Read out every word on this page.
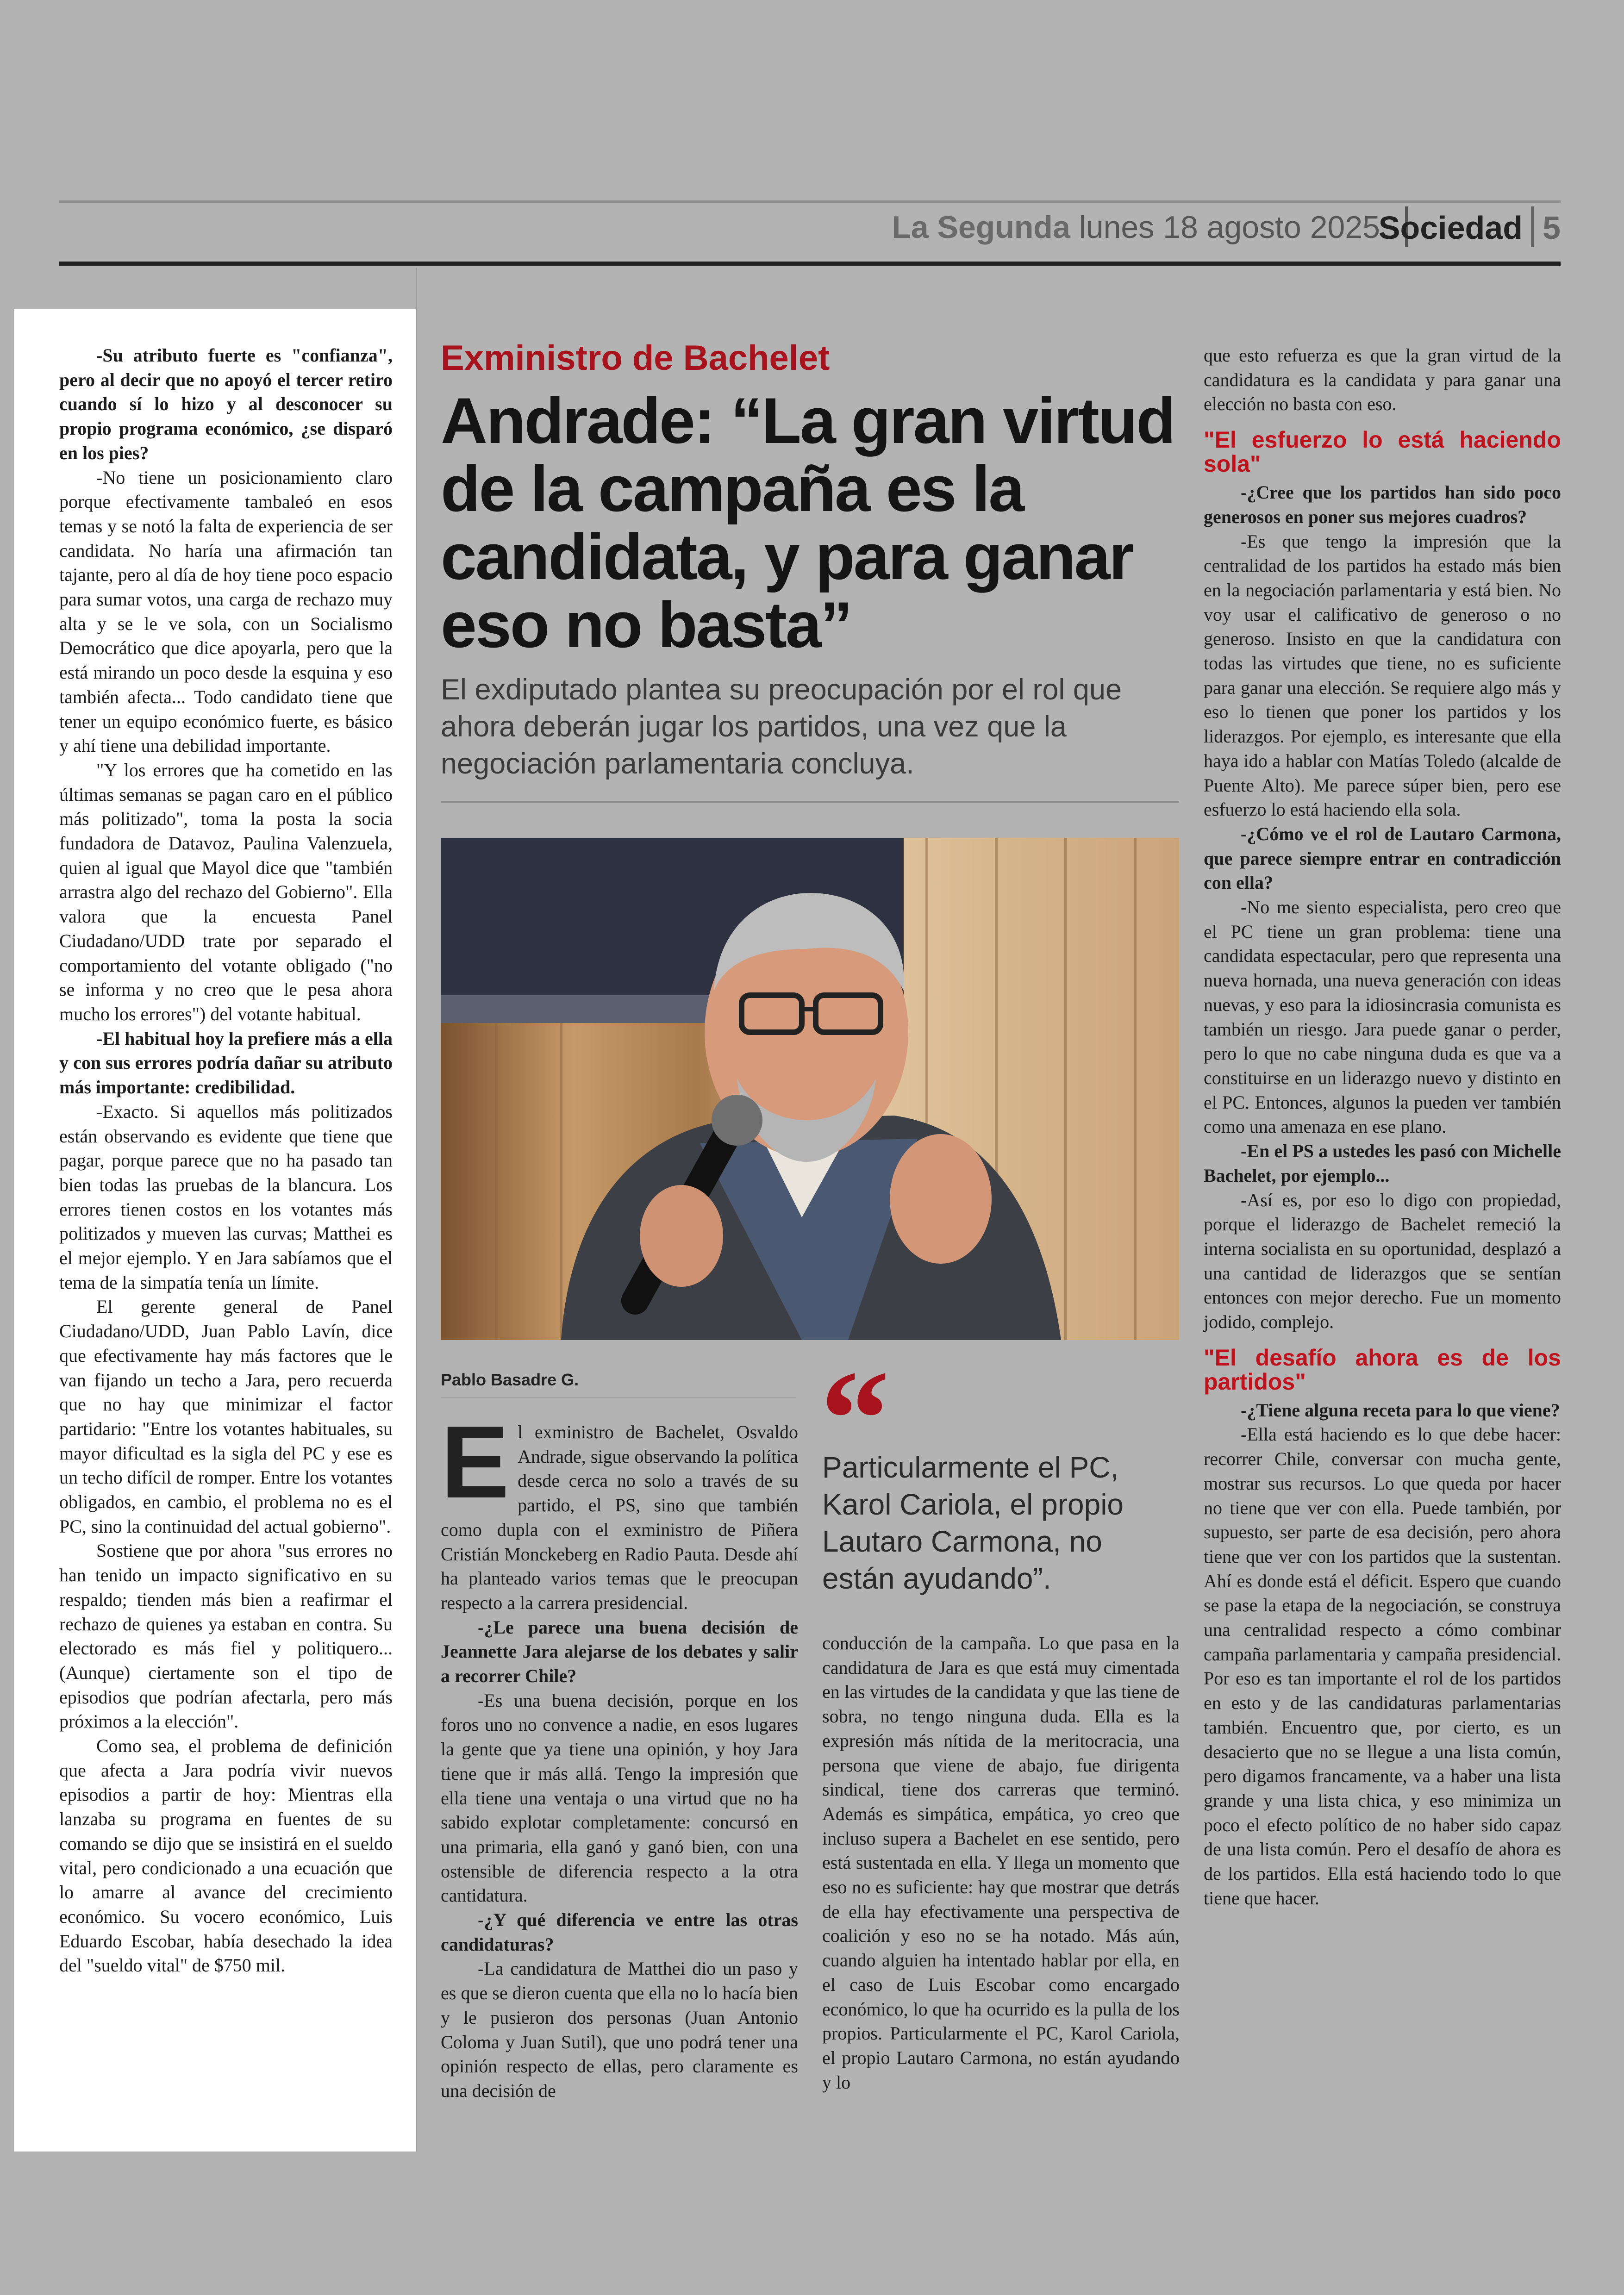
La Segunda lunes 18 agosto 2025
Sociedad 5

-Su atributo fuerte es "confianza", pero al decir que no apoyó el tercer retiro cuando sí lo hizo y al desconocer su propio programa económico, ¿se disparó en los pies?

-No tiene un posicionamiento claro porque efectivamente tambaleó en esos temas y se notó la falta de experiencia de ser candidata. No haría una afirmación tan tajante, pero al día de hoy tiene poco espacio para sumar votos, una carga de rechazo muy alta y se le ve sola, con un Socialismo Democrático que dice apoyarla, pero que la está mirando un poco desde la esquina y eso también afecta... Todo candidato tiene que tener un equipo económico fuerte, es básico y ahí tiene una debilidad importante.

"Y los errores que ha cometido en las últimas semanas se pagan caro en el público más politizado", toma la posta la socia fundadora de Datavoz, Paulina Valenzuela, quien al igual que Mayol dice que "también arrastra algo del rechazo del Gobierno". Ella valora que la encuesta Panel Ciudadano/UDD trate por separado el comportamiento del votante obligado ("no se informa y no creo que le pesa ahora mucho los errores") del votante habitual.

-El habitual hoy la prefiere más a ella y con sus errores podría dañar su atributo más importante: credibilidad.

-Exacto. Si aquellos más politizados están observando es evidente que tiene que pagar, porque parece que no ha pasado tan bien todas las pruebas de la blancura. Los errores tienen costos en los votantes más politizados y mueven las curvas; Matthei es el mejor ejemplo. Y en Jara sabíamos que el tema de la simpatía tenía un límite.

El gerente general de Panel Ciudadano/UDD, Juan Pablo Lavín, dice que efectivamente hay más factores que le van fijando un techo a Jara, pero recuerda que no hay que minimizar el factor partidario: "Entre los votantes habituales, su mayor dificultad es la sigla del PC y ese es un techo difícil de romper. Entre los votantes obligados, en cambio, el problema no es el PC, sino la continuidad del actual gobierno".

Sostiene que por ahora "sus errores no han tenido un impacto significativo en su respaldo; tienden más bien a reafirmar el rechazo de quienes ya estaban en contra. Su electorado es más fiel y politiquero... (Aunque) ciertamente son el tipo de episodios que podrían afectarla, pero más próximos a la elección".

Como sea, el problema de definición que afecta a Jara podría vivir nuevos episodios a partir de hoy: Mientras ella lanzaba su programa en fuentes de su comando se dijo que se insistirá en el sueldo vital, pero condicionado a una ecuación que lo amarre al avance del crecimiento económico. Su vocero económico, Luis Eduardo Escobar, había desechado la idea del "sueldo vital" de $750 mil.

Exministro de Bachelet
Andrade: “La gran virtud de la campaña es la candidata, y para ganar eso no basta”

El exdiputado plantea su preocupación por el rol que ahora deberán jugar los partidos, una vez que la negociación parlamentaria concluya.

Pablo Basadre G.

El exministro de Bachelet, Osvaldo Andrade, sigue observando la política desde cerca no solo a través de su partido, el PS, sino que también como dupla con el exministro de Piñera Cristián Monckeberg en Radio Pauta. Desde ahí ha planteado varios temas que le preocupan respecto a la carrera presidencial.

-¿Le parece una buena decisión de Jeannette Jara alejarse de los debates y salir a recorrer Chile?

-Es una buena decisión, porque en los foros uno no convence a nadie, en esos lugares la gente que ya tiene una opinión, y hoy Jara tiene que ir más allá. Tengo la impresión que ella tiene una ventaja o una virtud que no ha sabido explotar completamente: concursó en una primaria, ella ganó y ganó bien, con una ostensible de diferencia respecto a la otra cantidatura.

-¿Y qué diferencia ve entre las otras candidaturas?

-La candidatura de Matthei dio un paso y es que se dieron cuenta que ella no lo hacía bien y le pusieron dos personas (Juan Antonio Coloma y Juan Sutil), que uno podrá tener una opinión respecto de ellas, pero claramente es una decisión de

“

Particularmente el PC, Karol Cariola, el propio Lautaro Carmona, no están ayudando”.

conducción de la campaña. Lo que pasa en la candidatura de Jara es que está muy cimentada en las virtudes de la candidata y que las tiene de sobra, no tengo ninguna duda. Ella es la expresión más nítida de la meritocracia, una persona que viene de abajo, fue dirigenta sindical, tiene dos carreras que terminó. Además es simpática, empática, yo creo que incluso supera a Bachelet en ese sentido, pero está sustentada en ella. Y llega un momento que eso no es suficiente: hay que mostrar que detrás de ella hay efectivamente una perspectiva de coalición y eso no se ha notado. Más aún, cuando alguien ha intentado hablar por ella, en el caso de Luis Escobar como encargado económico, lo que ha ocurrido es la pulla de los propios. Particularmente el PC, Karol Cariola, el propio Lautaro Carmona, no están ayudando y lo

que esto refuerza es que la gran virtud de la candidatura es la candidata y para ganar una elección no basta con eso.

"El esfuerzo lo está haciendo sola"

-¿Cree que los partidos han sido poco generosos en poner sus mejores cuadros?

-Es que tengo la impresión que la centralidad de los partidos ha estado más bien en la negociación parlamentaria y está bien. No voy usar el calificativo de generoso o no generoso. Insisto en que la candidatura con todas las virtudes que tiene, no es suficiente para ganar una elección. Se requiere algo más y eso lo tienen que poner los partidos y los liderazgos. Por ejemplo, es interesante que ella haya ido a hablar con Matías Toledo (alcalde de Puente Alto). Me parece súper bien, pero ese esfuerzo lo está haciendo ella sola.

-¿Cómo ve el rol de Lautaro Carmona, que parece siempre entrar en contradicción con ella?

-No me siento especialista, pero creo que el PC tiene un gran problema: tiene una candidata espectacular, pero que representa una nueva hornada, una nueva generación con ideas nuevas, y eso para la idiosincrasia comunista es también un riesgo. Jara puede ganar o perder, pero lo que no cabe ninguna duda es que va a constituirse en un liderazgo nuevo y distinto en el PC. Entonces, algunos la pueden ver también como una amenaza en ese plano.

-En el PS a ustedes les pasó con Michelle Bachelet, por ejemplo...

-Así es, por eso lo digo con propiedad, porque el liderazgo de Bachelet remeció la interna socialista en su oportunidad, desplazó a una cantidad de liderazgos que se sentían entonces con mejor derecho. Fue un momento jodido, complejo.

"El desafío ahora es de los partidos"

-¿Tiene alguna receta para lo que viene?

-Ella está haciendo es lo que debe hacer: recorrer Chile, conversar con mucha gente, mostrar sus recursos. Lo que queda por hacer no tiene que ver con ella. Puede también, por supuesto, ser parte de esa decisión, pero ahora tiene que ver con los partidos que la sustentan. Ahí es donde está el déficit. Espero que cuando se pase la etapa de la negociación, se construya una centralidad respecto a cómo combinar campaña parlamentaria y campaña presidencial. Por eso es tan importante el rol de los partidos en esto y de las candidaturas parlamentarias también. Encuentro que, por cierto, es un desacierto que no se llegue a una lista común, pero digamos francamente, va a haber una lista grande y una lista chica, y eso minimiza un poco el efecto político de no haber sido capaz de una lista común. Pero el desafío de ahora es de los partidos. Ella está haciendo todo lo que tiene que hacer.
